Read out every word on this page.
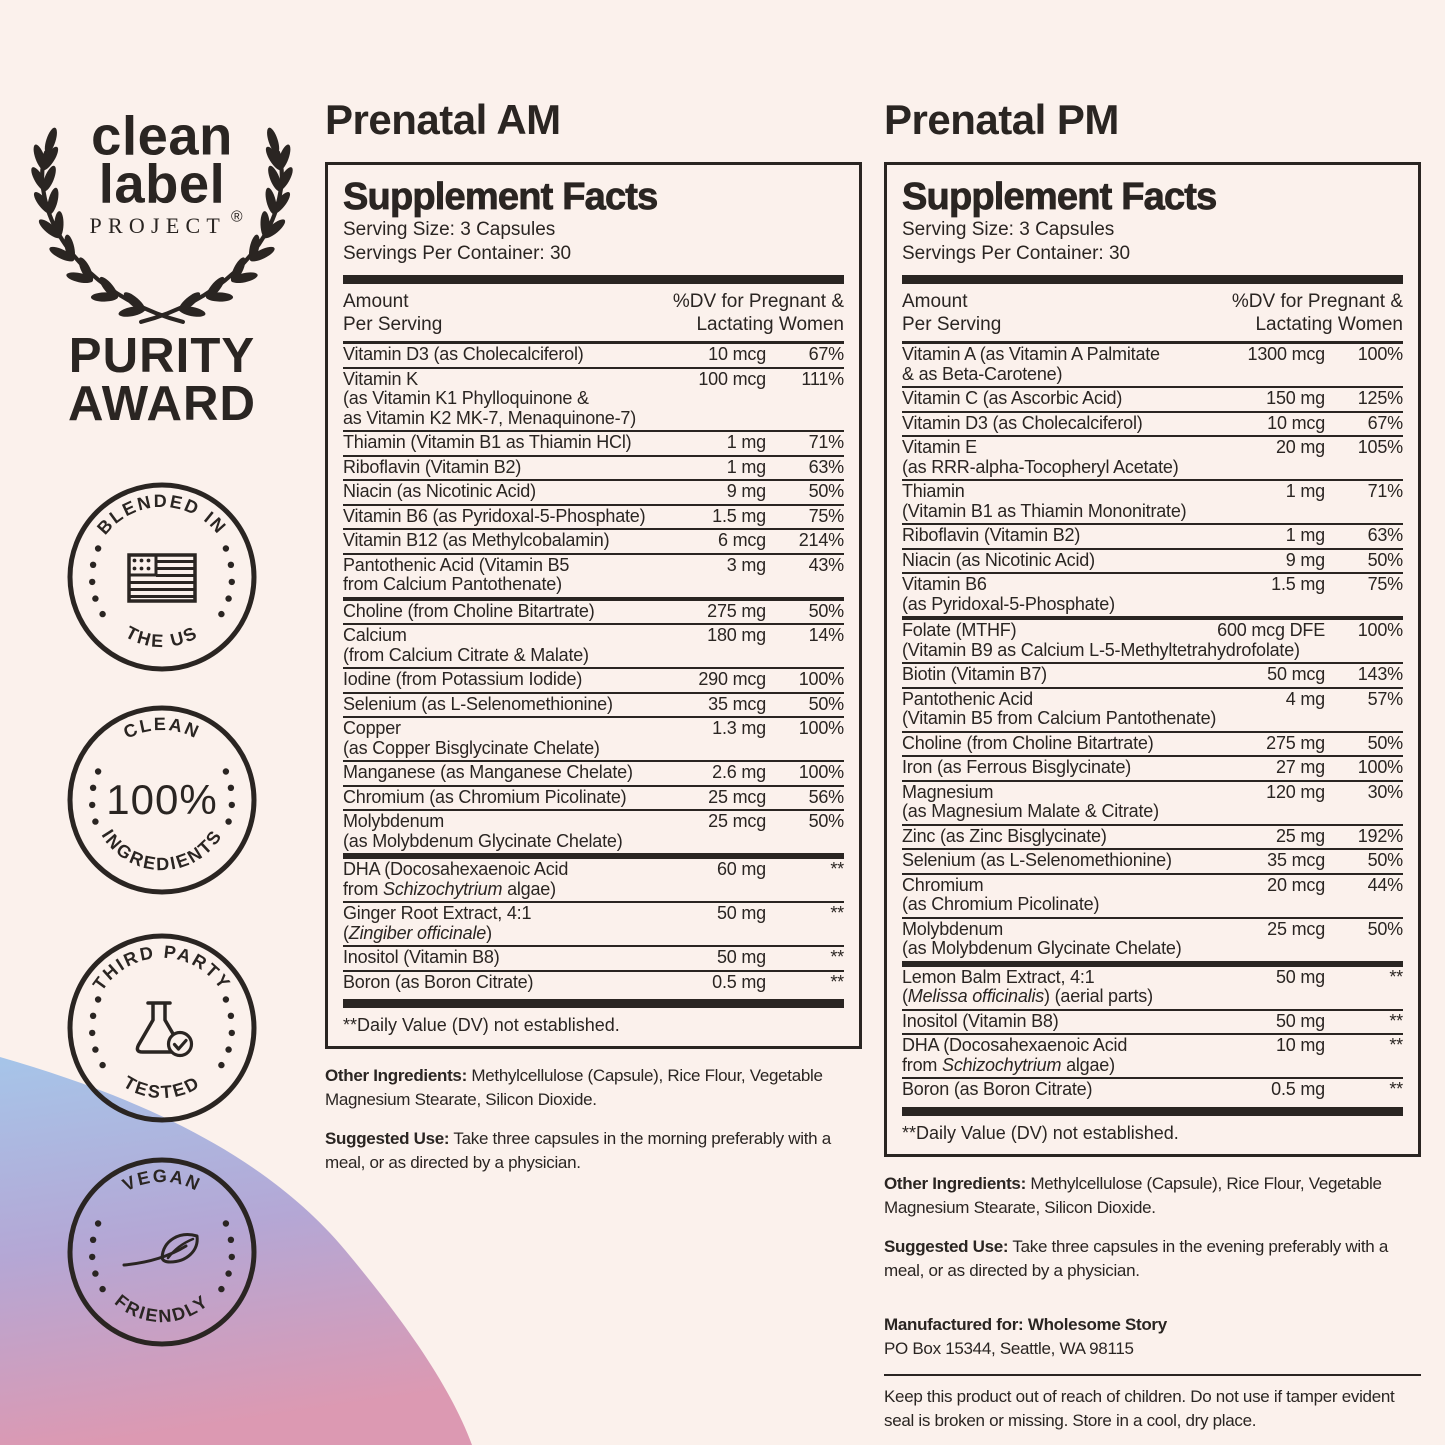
clean
label
PROJECT ®
PURITY
AWARD
BLENDED IN
THE US
CLEAN
INGREDIENTS
100%
THIRD PARTY
TESTED
VEGAN
FRIENDLY
Prenatal AM
Supplement Facts
Serving Size: 3 Capsules
Servings Per Container: 30
Amount
Per Serving
%DV for Pregnant &
Lactating Women
Vitamin D3 (as Cholecalciferol)	10 mcg	67%
Vitamin K	100 mcg	111%
(as Vitamin K1 Phylloquinone &
as Vitamin K2 MK-7, Menaquinone-7)
Thiamin (Vitamin B1 as Thiamin HCl)	1 mg	71%
Riboflavin (Vitamin B2)	1 mg	63%
Niacin (as Nicotinic Acid)	9 mg	50%
Vitamin B6 (as Pyridoxal-5-Phosphate)	1.5 mg	75%
Vitamin B12 (as Methylcobalamin)	6 mcg	214%
Pantothenic Acid (Vitamin B5	3 mg	43%
from Calcium Pantothenate)
Choline (from Choline Bitartrate)	275 mg	50%
Calcium	180 mg	14%
(from Calcium Citrate & Malate)
Iodine (from Potassium Iodide)	290 mcg	100%
Selenium (as L-Selenomethionine)	35 mcg	50%
Copper	1.3 mg	100%
(as Copper Bisglycinate Chelate)
Manganese (as Manganese Chelate)	2.6 mg	100%
Chromium (as Chromium Picolinate)	25 mcg	56%
Molybdenum	25 mcg	50%
(as Molybdenum Glycinate Chelate)
DHA (Docosahexaenoic Acid	60 mg	**
from Schizochytrium algae)
Ginger Root Extract, 4:1	50 mg	**
(Zingiber officinale)
Inositol (Vitamin B8)	50 mg	**
Boron (as Boron Citrate)	0.5 mg	**
**Daily Value (DV) not established.

Other Ingredients: Methylcellulose (Capsule), Rice Flour, Vegetable Magnesium Stearate, Silicon Dioxide.

Suggested Use: Take three capsules in the morning preferably with a meal, or as directed by a physician.

Prenatal PM
Supplement Facts
Serving Size: 3 Capsules
Servings Per Container: 30
Amount
Per Serving
%DV for Pregnant &
Lactating Women
Vitamin A (as Vitamin A Palmitate	1300 mcg	100%
& as Beta-Carotene)
Vitamin C (as Ascorbic Acid)	150 mg	125%
Vitamin D3 (as Cholecalciferol)	10 mcg	67%
Vitamin E	20 mg	105%
(as RRR-alpha-Tocopheryl Acetate)
Thiamin	1 mg	71%
(Vitamin B1 as Thiamin Mononitrate)
Riboflavin (Vitamin B2)	1 mg	63%
Niacin (as Nicotinic Acid)	9 mg	50%
Vitamin B6	1.5 mg	75%
(as Pyridoxal-5-Phosphate)
Folate (MTHF)	600 mcg DFE	100%
(Vitamin B9 as Calcium L-5-Methyltetrahydrofolate)
Biotin (Vitamin B7)	50 mcg	143%
Pantothenic Acid	4 mg	57%
(Vitamin B5 from Calcium Pantothenate)
Choline (from Choline Bitartrate)	275 mg	50%
Iron (as Ferrous Bisglycinate)	27 mg	100%
Magnesium	120 mg	30%
(as Magnesium Malate & Citrate)
Zinc (as Zinc Bisglycinate)	25 mg	192%
Selenium (as L-Selenomethionine)	35 mcg	50%
Chromium	20 mcg	44%
(as Chromium Picolinate)
Molybdenum	25 mcg	50%
(as Molybdenum Glycinate Chelate)
Lemon Balm Extract, 4:1	50 mg	**
(Melissa officinalis) (aerial parts)
Inositol (Vitamin B8)	50 mg	**
DHA (Docosahexaenoic Acid	10 mg	**
from Schizochytrium algae)
Boron (as Boron Citrate)	0.5 mg	**
**Daily Value (DV) not established.

Other Ingredients: Methylcellulose (Capsule), Rice Flour, Vegetable Magnesium Stearate, Silicon Dioxide.

Suggested Use: Take three capsules in the evening preferably with a meal, or as directed by a physician.

Manufactured for: Wholesome Story
PO Box 15344, Seattle, WA 98115
Keep this product out of reach of children. Do not use if tamper evident seal is broken or missing. Store in a cool, dry place.
